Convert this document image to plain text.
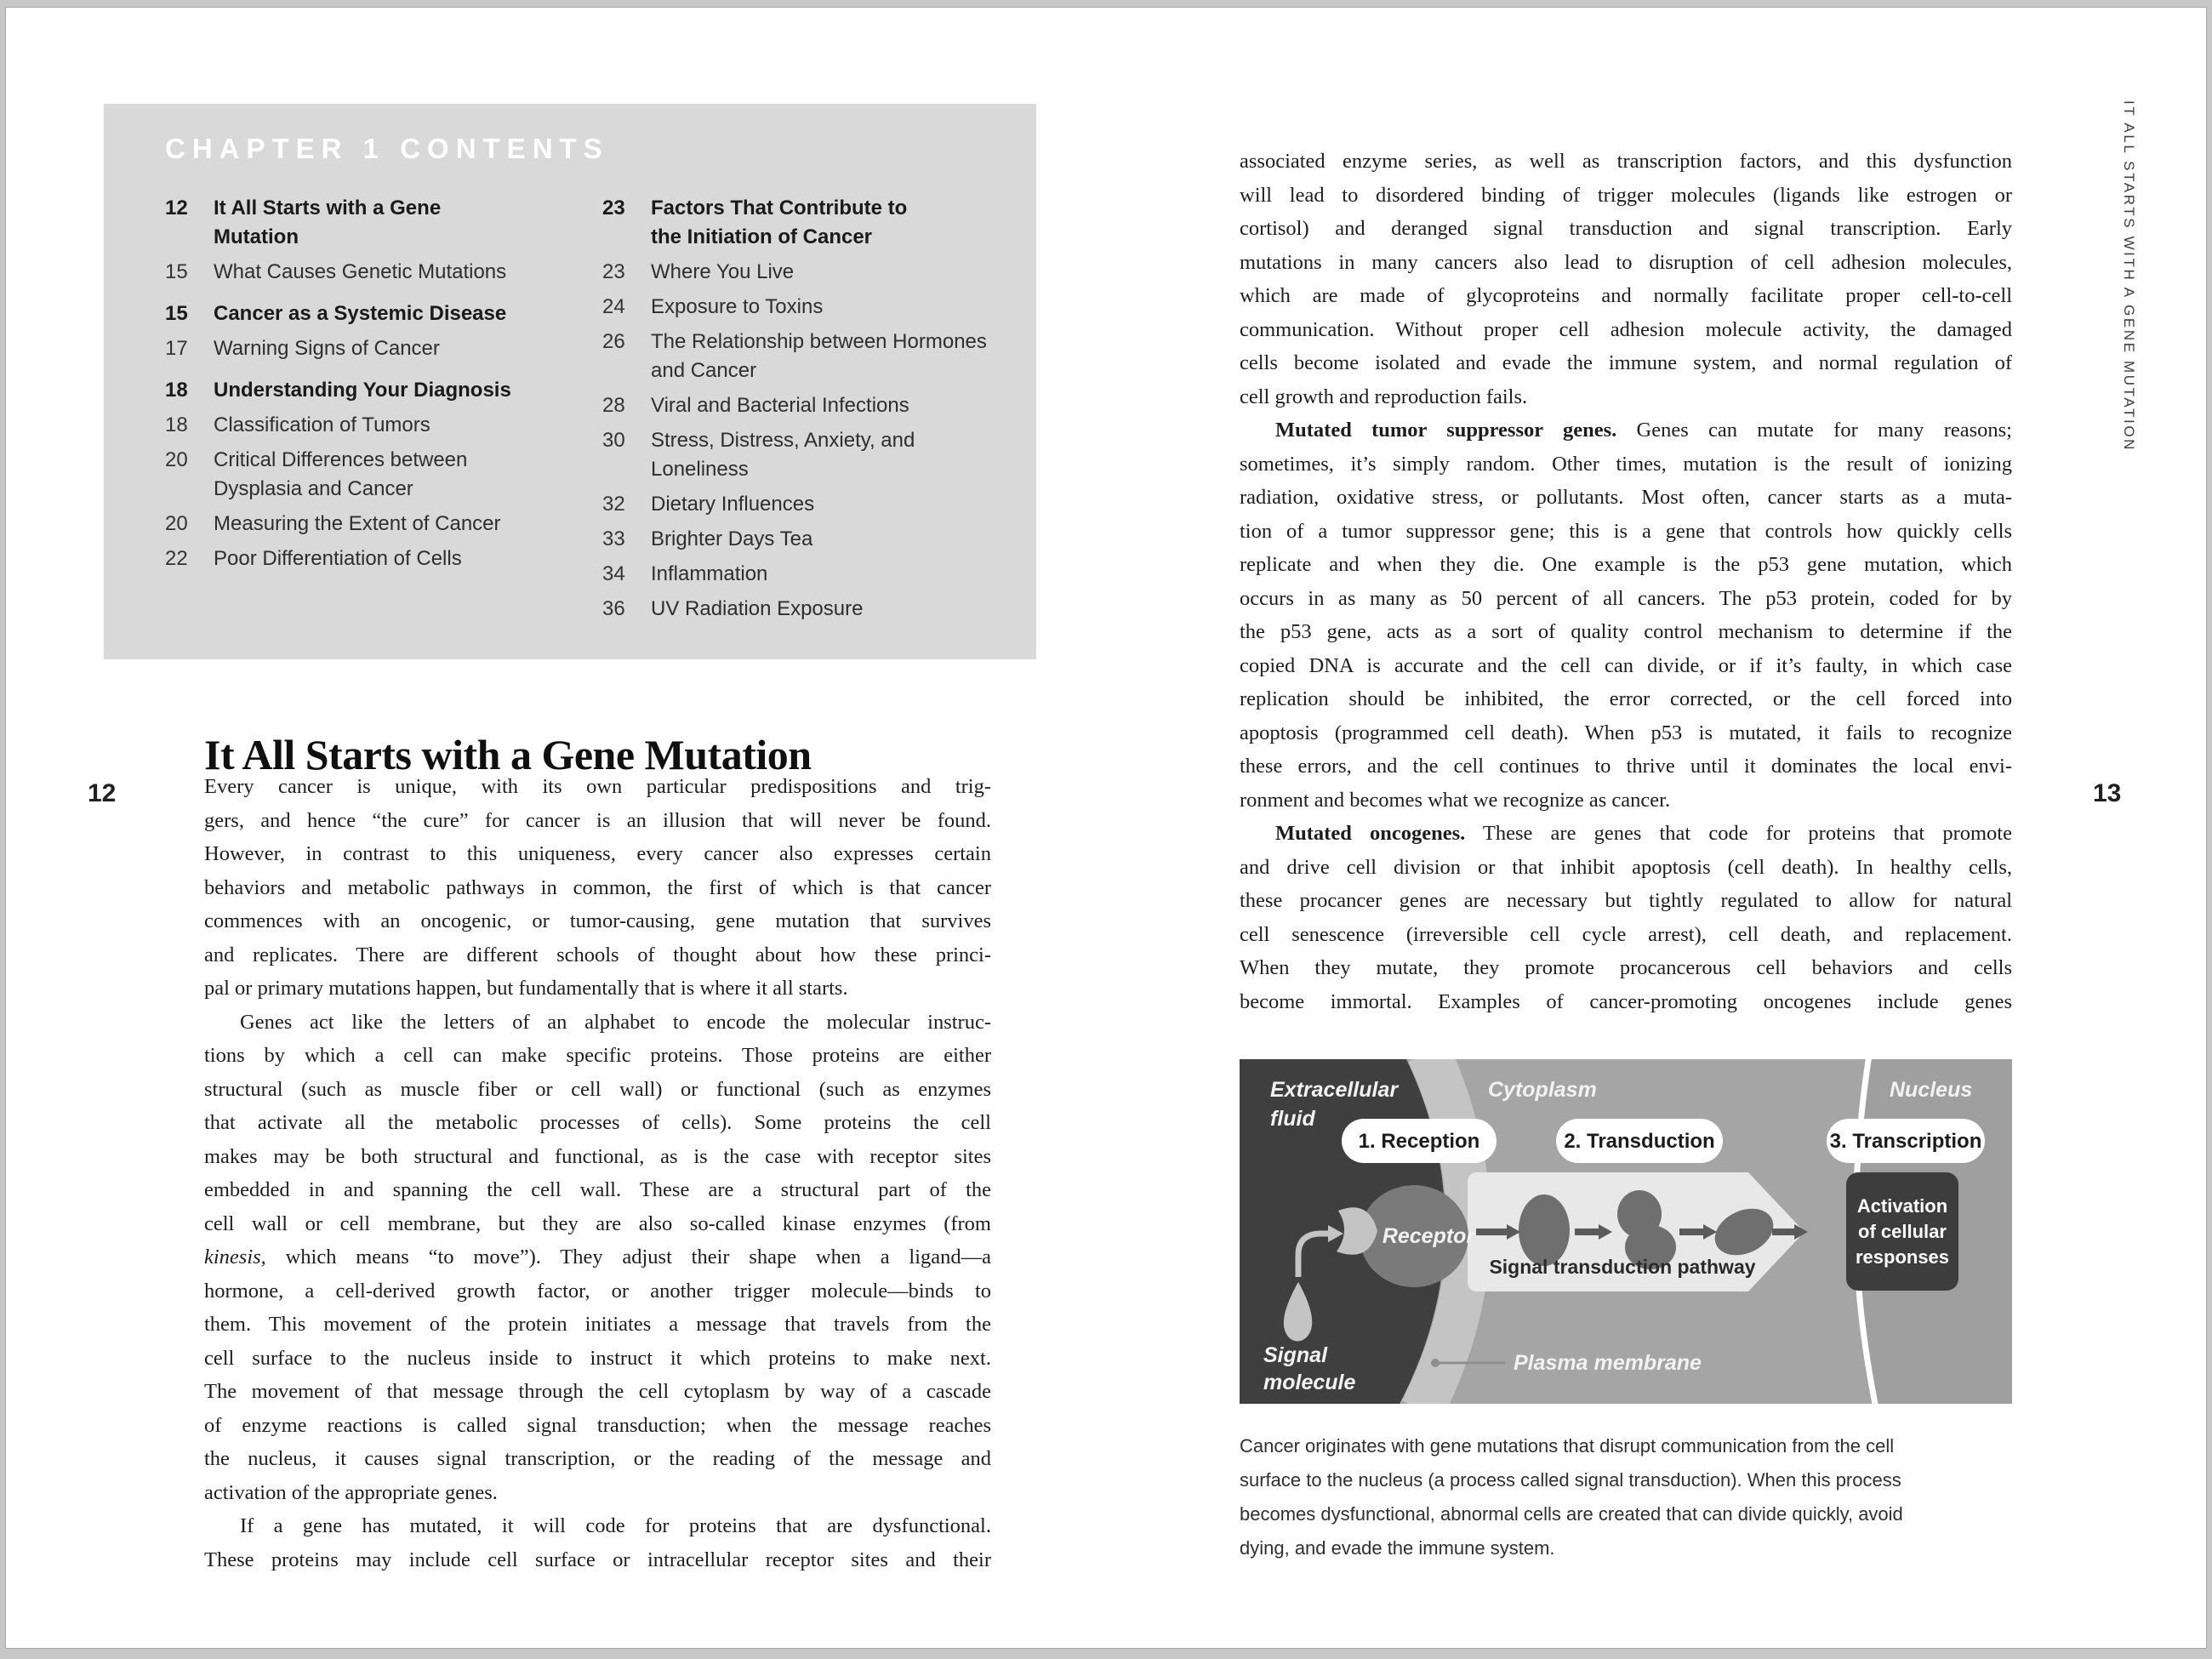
CHAPTER 1 CONTENTS
12	It All Starts with a Gene
Mutation
15	What Causes Genetic Mutations
15	Cancer as a Systemic Disease
17	Warning Signs of Cancer
18	Understanding Your Diagnosis
18	Classification of Tumors
20	Critical Differences between
Dysplasia and Cancer
20	Measuring the Extent of Cancer
22	Poor Differentiation of Cells
23	Factors That Contribute to
the Initiation of Cancer
23	Where You Live
24	Exposure to Toxins
26	The Relationship between Hormones
and Cancer
28	Viral and Bacterial Infections
30	Stress, Distress, Anxiety, and
Loneliness
32	Dietary Influences
33	Brighter Days Tea
34	Inflammation
36	UV Radiation Exposure
12	13
IT ALL STARTS WITH A GENE MUTATION
It All Starts with a Gene Mutation
Every cancer is unique, with its own particular predispositions and trig-
gers, and hence “the cure” for cancer is an illusion that will never be found.
However, in contrast to this uniqueness, every cancer also expresses certain
behaviors and metabolic pathways in common, the first of which is that cancer
commences with an oncogenic, or tumor-causing, gene mutation that survives
and replicates. There are different schools of thought about how these princi-
pal or primary mutations happen, but fundamentally that is where it all starts.
Genes act like the letters of an alphabet to encode the molecular instruc-
tions by which a cell can make specific proteins. Those proteins are either
structural (such as muscle fiber or cell wall) or functional (such as enzymes
that activate all the metabolic processes of cells). Some proteins the cell
makes may be both structural and functional, as is the case with receptor sites
embedded in and spanning the cell wall. These are a structural part of the
cell wall or cell membrane, but they are also so-called kinase enzymes (from
kinesis, which means “to move”). They adjust their shape when a ligand—a
hormone, a cell-derived growth factor, or another trigger molecule—binds to
them. This movement of the protein initiates a message that travels from the
cell surface to the nucleus inside to instruct it which proteins to make next.
The movement of that message through the cell cytoplasm by way of a cascade
of enzyme reactions is called signal transduction; when the message reaches
the nucleus, it causes signal transcription, or the reading of the message and
activation of the appropriate genes.
If a gene has mutated, it will code for proteins that are dysfunctional.
These proteins may include cell surface or intracellular receptor sites and their
associated enzyme series, as well as transcription factors, and this dysfunction
will lead to disordered binding of trigger molecules (ligands like estrogen or
cortisol) and deranged signal transduction and signal transcription. Early
mutations in many cancers also lead to disruption of cell adhesion molecules,
which are made of glycoproteins and normally facilitate proper cell-to-cell
communication. Without proper cell adhesion molecule activity, the damaged
cells become isolated and evade the immune system, and normal regulation of
cell growth and reproduction fails.
Mutated tumor suppressor genes. Genes can mutate for many reasons;
sometimes, it’s simply random. Other times, mutation is the result of ionizing
radiation, oxidative stress, or pollutants. Most often, cancer starts as a muta-
tion of a tumor suppressor gene; this is a gene that controls how quickly cells
replicate and when they die. One example is the p53 gene mutation, which
occurs in as many as 50 percent of all cancers. The p53 protein, coded for by
the p53 gene, acts as a sort of quality control mechanism to determine if the
copied DNA is accurate and the cell can divide, or if it’s faulty, in which case
replication should be inhibited, the error corrected, or the cell forced into
apoptosis (programmed cell death). When p53 is mutated, it fails to recognize
these errors, and the cell continues to thrive until it dominates the local envi-
ronment and becomes what we recognize as cancer.
Mutated oncogenes. These are genes that code for proteins that promote
and drive cell division or that inhibit apoptosis (cell death). In healthy cells,
these procancer genes are necessary but tightly regulated to allow for natural
cell senescence (irreversible cell cycle arrest), cell death, and replacement.
When they mutate, they promote procancerous cell behaviors and cells
become immortal. Examples of cancer-promoting oncogenes include genes
1. Reception	2. Transduction	3. Transcription
Activation
of cellular
responses
Extracellular
fluid
Cytoplasm	Nucleus
Receptor
Signal transduction pathway
Signal
molecule
Plasma membrane
Cancer originates with gene mutations that disrupt communication from the cell
surface to the nucleus (a process called signal transduction). When this process
becomes dysfunctional, abnormal cells are created that can divide quickly, avoid
dying, and evade the immune system.
